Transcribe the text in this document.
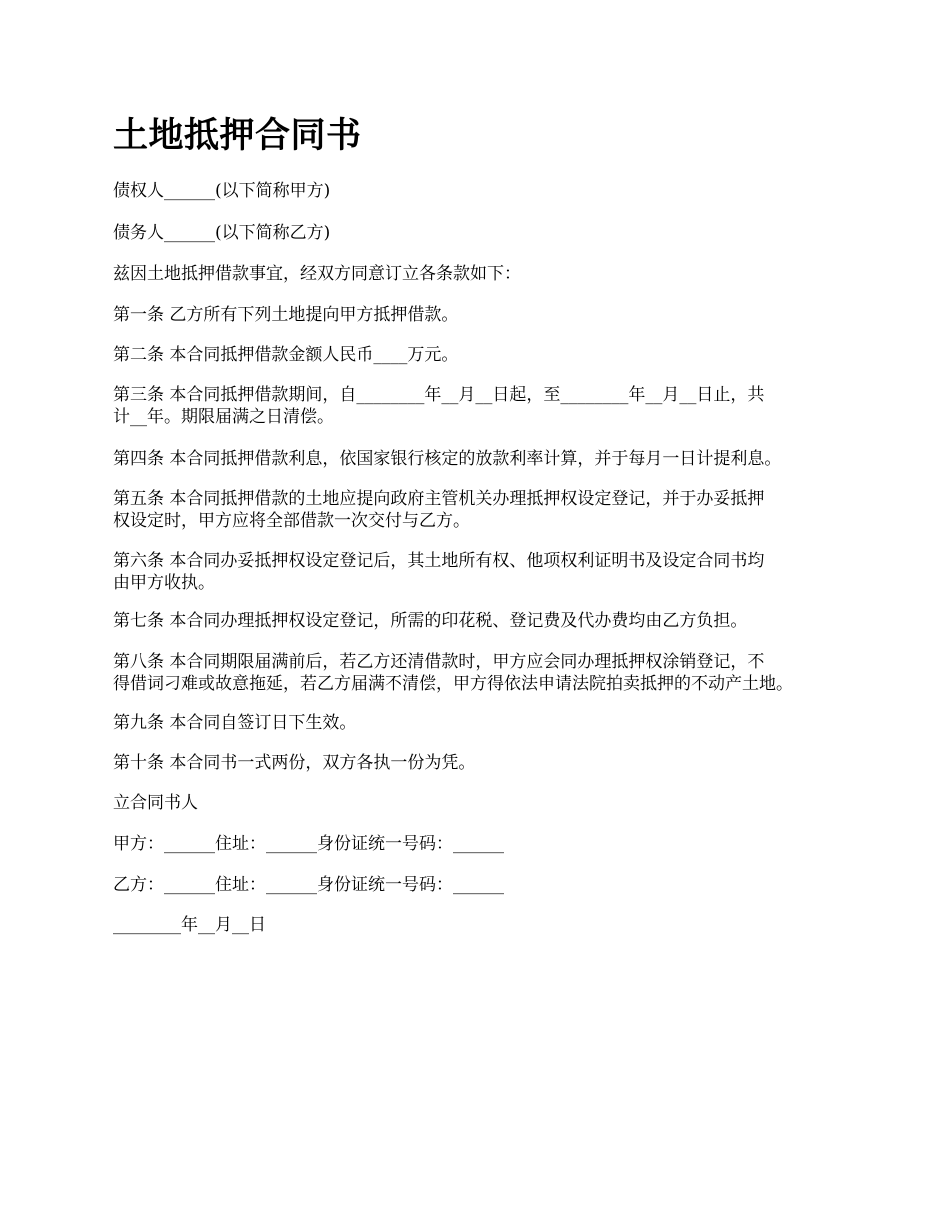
土地抵押合同书

债权人______(以下简称甲方)

债务人______(以下简称乙方)

兹因土地抵押借款事宜，经双方同意订立各条款如下：

第一条 乙方所有下列土地提向甲方抵押借款。

第二条 本合同抵押借款金额人民币____万元。

第三条 本合同抵押借款期间，自________年__月__日起，至________年__月__日止，共
计__年。期限届满之日清偿。

第四条 本合同抵押借款利息，依国家银行核定的放款利率计算，并于每月一日计提利息。

第五条 本合同抵押借款的土地应提向政府主管机关办理抵押权设定登记，并于办妥抵押
权设定时，甲方应将全部借款一次交付与乙方。

第六条 本合同办妥抵押权设定登记后，其土地所有权、他项权利证明书及设定合同书均
由甲方收执。

第七条 本合同办理抵押权设定登记，所需的印花税、登记费及代办费均由乙方负担。

第八条 本合同期限届满前后，若乙方还清借款时，甲方应会同办理抵押权涂销登记，不
得借词刁难或故意拖延，若乙方届满不清偿，甲方得依法申请法院拍卖抵押的不动产土地。

第九条 本合同自签订日下生效。

第十条 本合同书一式两份，双方各执一份为凭。

立合同书人

甲方：______住址：______身份证统一号码：______

乙方：______住址：______身份证统一号码：______

________年__月__日
